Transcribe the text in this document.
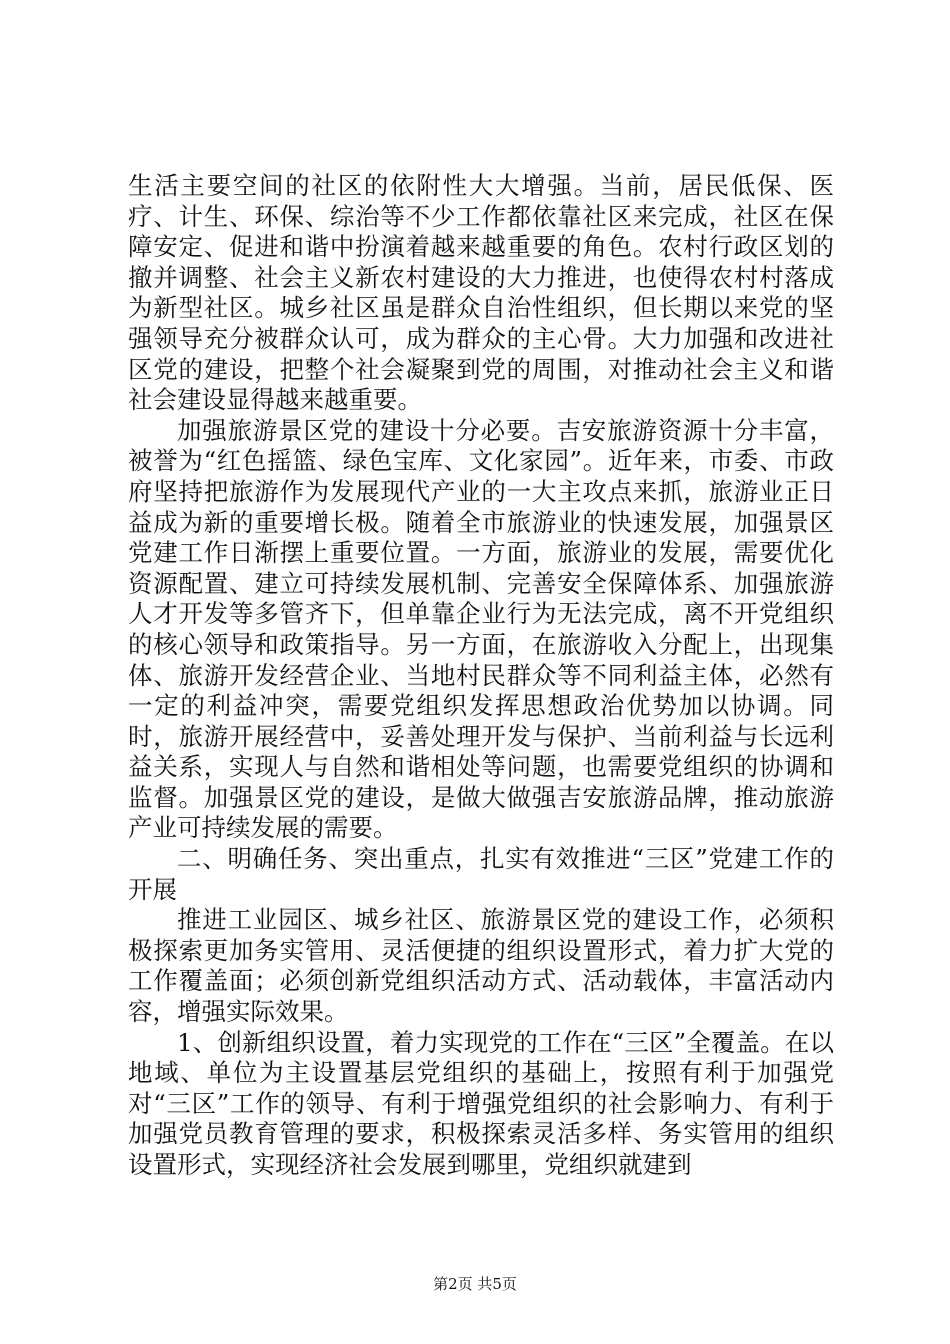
生活主要空间的社区的依附性大大增强。当前，居民低保、医疗、计生、环保、综治等不少工作都依靠社区来完成，社区在保障安定、促进和谐中扮演着越来越重要的角色。农村行政区划的撤并调整、社会主义新农村建设的大力推进，也使得农村村落成为新型社区。城乡社区虽是群众自治性组织，但长期以来党的坚强领导充分被群众认可，成为群众的主心骨。大力加强和改进社区党的建设，把整个社会凝聚到党的周围，对推动社会主义和谐社会建设显得越来越重要。

加强旅游景区党的建设十分必要。吉安旅游资源十分丰富，被誉为“红色摇篮、绿色宝库、文化家园”。近年来，市委、市政府坚持把旅游作为发展现代产业的一大主攻点来抓，旅游业正日益成为新的重要增长极。随着全市旅游业的快速发展，加强景区党建工作日渐摆上重要位置。一方面，旅游业的发展，需要优化资源配置、建立可持续发展机制、完善安全保障体系、加强旅游人才开发等多管齐下，但单靠企业行为无法完成，离不开党组织的核心领导和政策指导。另一方面，在旅游收入分配上，出现集体、旅游开发经营企业、当地村民群众等不同利益主体，必然有一定的利益冲突，需要党组织发挥思想政治优势加以协调。同时，旅游开展经营中，妥善处理开发与保护、当前利益与长远利益关系，实现人与自然和谐相处等问题，也需要党组织的协调和监督。加强景区党的建设，是做大做强吉安旅游品牌，推动旅游产业可持续发展的需要。

二、明确任务、突出重点，扎实有效推进“三区”党建工作的开展

推进工业园区、城乡社区、旅游景区党的建设工作，必须积极探索更加务实管用、灵活便捷的组织设置形式，着力扩大党的工作覆盖面；必须创新党组织活动方式、活动载体，丰富活动内容，增强实际效果。

1、创新组织设置，着力实现党的工作在“三区”全覆盖。在以地域、单位为主设置基层党组织的基础上，按照有利于加强党对“三区”工作的领导、有利于增强党组织的社会影响力、有利于加强党员教育管理的要求，积极探索灵活多样、务实管用的组织设置形式，实现经济社会发展到哪里，党组织就建到

第2页 共5页
